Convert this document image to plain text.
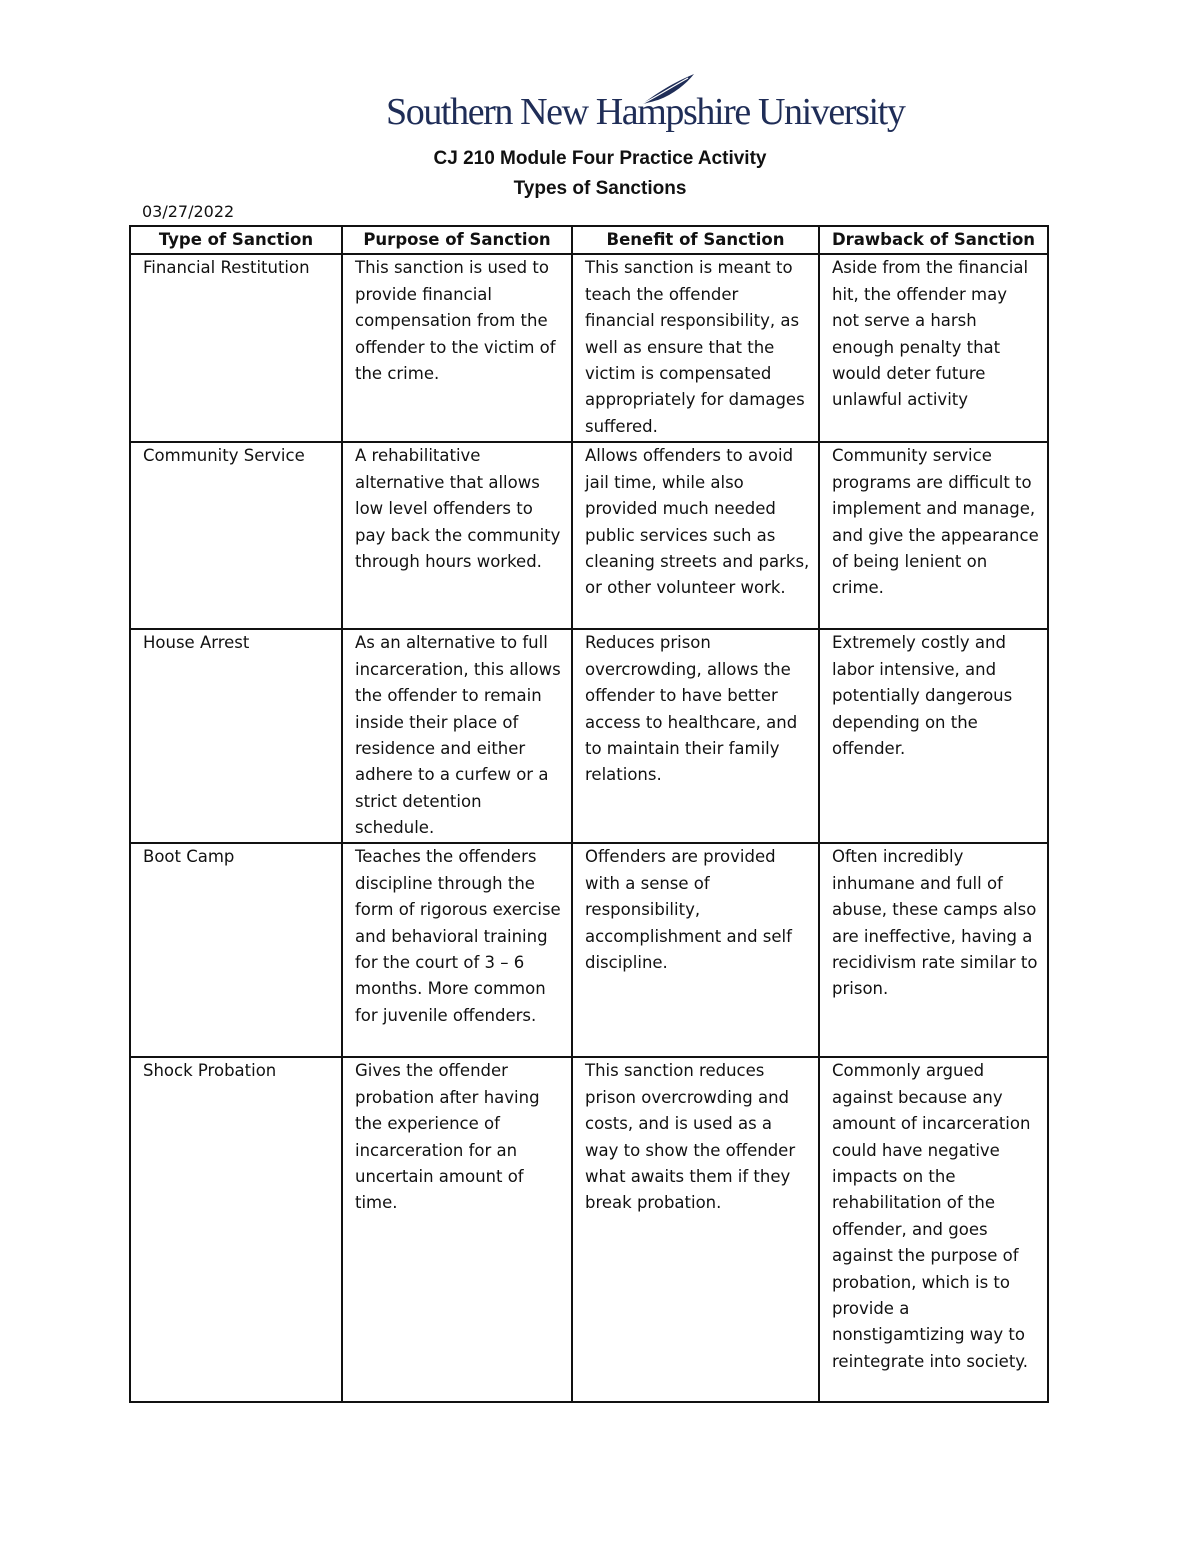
Southern New Hampshire University
CJ 210 Module Four Practice Activity
Types of Sanctions
03/27/2022
Type of Sanction	Purpose of Sanction	Benefit of Sanction	Drawback of Sanction
Financial Restitution	This sanction is used to provide financial compensation from the offender to the victim of the crime.	This sanction is meant to teach the offender financial responsibility, as well as ensure that the victim is compensated appropriately for damages suffered.	Aside from the financial hit, the offender may not serve a harsh enough penalty that would deter future unlawful activity
Community Service	A rehabilitative alternative that allows low level offenders to pay back the community through hours worked.	Allows offenders to avoid jail time, while also provided much needed public services such as cleaning streets and parks, or other volunteer work.	Community service programs are difficult to implement and manage, and give the appearance of being lenient on crime.
House Arrest	As an alternative to full incarceration, this allows the offender to remain inside their place of residence and either adhere to a curfew or a strict detention schedule.	Reduces prison overcrowding, allows the offender to have better access to healthcare, and to maintain their family relations.	Extremely costly and labor intensive, and potentially dangerous depending on the offender.
Boot Camp	Teaches the offenders discipline through the form of rigorous exercise and behavioral training for the court of 3 – 6 months. More common for juvenile offenders.	Offenders are provided with a sense of responsibility, accomplishment and self discipline.	Often incredibly inhumane and full of abuse, these camps also are ineffective, having a recidivism rate similar to prison.
Shock Probation	Gives the offender probation after having the experience of incarceration for an uncertain amount of time.	This sanction reduces prison overcrowding and costs, and is used as a way to show the offender what awaits them if they break probation.	Commonly argued against because any amount of incarceration could have negative impacts on the rehabilitation of the offender, and goes against the purpose of probation, which is to provide a nonstigamtizing way to reintegrate into society.
